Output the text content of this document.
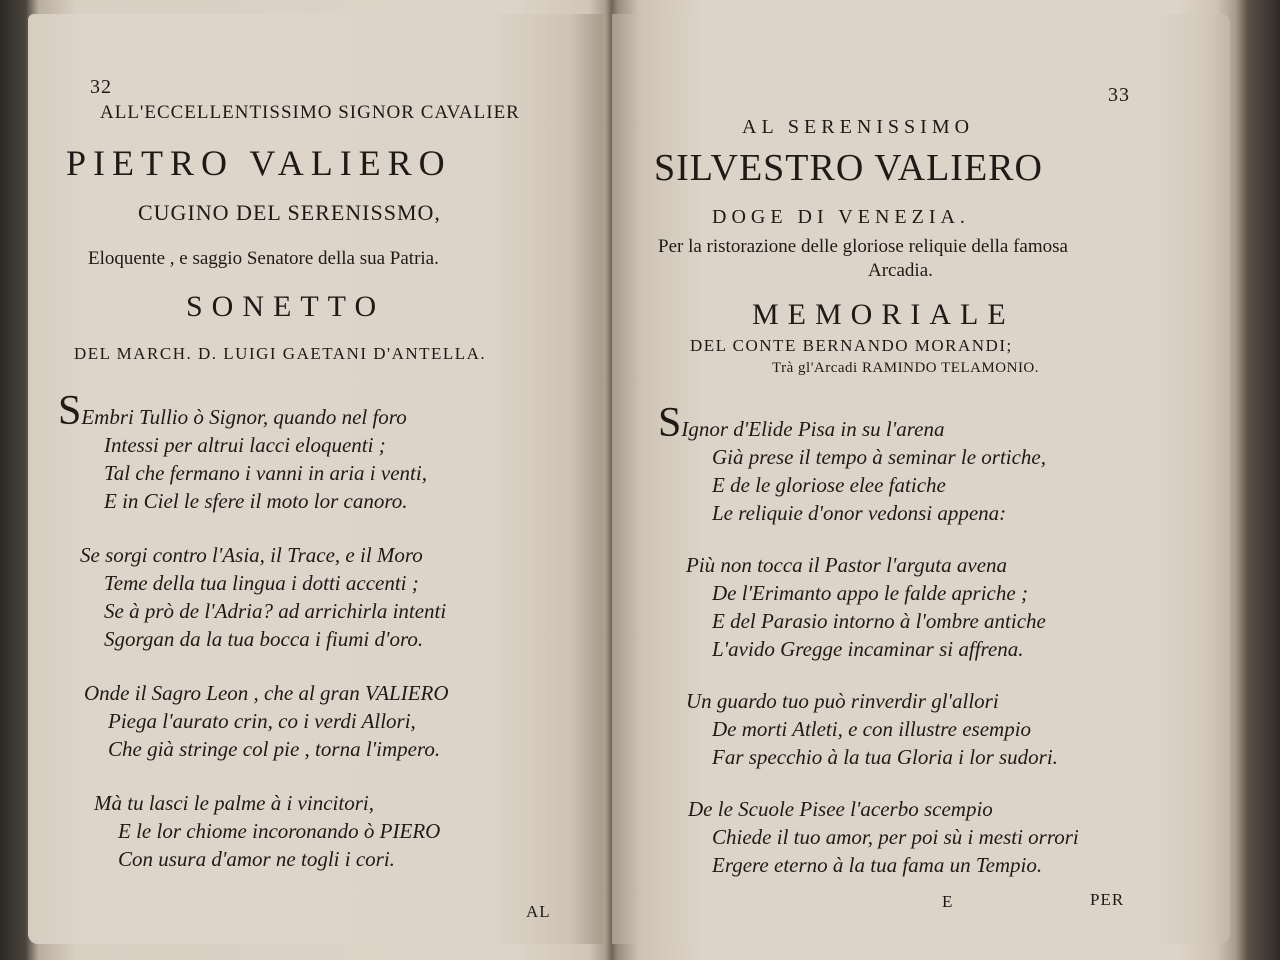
32
ALL'ECCELLENTISSIMO SIGNOR CAVALIER
PIETRO VALIERO
CUGINO DEL SERENISSMO,
Eloquente , e saggio Senatore della sua Patria.
SONETTO
DEL MARCH. D. LUIGI GAETANI D'ANTELLA.
SEmbri Tullio ò Signor, quando nel foro
Intessi per altrui lacci eloquenti ;
Tal che fermano i vanni in aria i venti,
E in Ciel le sfere il moto lor canoro.
Se sorgi contro l'Asia, il Trace, e il Moro
Teme della tua lingua i dotti accenti ;
Se à prò de l'Adria? ad arrichirla intenti
Sgorgan da la tua bocca i fiumi d'oro.
Onde il Sagro Leon , che al gran VALIERO
Piega l'aurato crin, co i verdi Allori,
Che già stringe col pie , torna l'impero.
Mà tu lasci le palme à i vincitori,
E le lor chiome incoronando ò PIERO
Con usura d'amor ne togli i cori.
AL
33
AL SERENISSIMO
SILVESTRO VALIERO
DOGE DI VENEZIA.
Per la ristorazione delle gloriose reliquie della famosa
Arcadia.
MEMORIALE
DEL CONTE BERNANDO MORANDI;
Trà gl'Arcadi RAMINDO TELAMONIO.
SIgnor d'Elide Pisa in su l'arena
Già prese il tempo à seminar le ortiche,
E de le gloriose elee fatiche
Le reliquie d'onor vedonsi appena:
Più non tocca il Pastor l'arguta avena
De l'Erimanto appo le falde apriche ;
E del Parasio intorno à l'ombre antiche
L'avido Gregge incaminar si affrena.
Un guardo tuo può rinverdir gl'allori
De morti Atleti, e con illustre esempio
Far specchio à la tua Gloria i lor sudori.
De le Scuole Pisee l'acerbo scempio
Chiede il tuo amor, per poi sù i mesti orrori
Ergere eterno à la tua fama un Tempio.
E	PER
